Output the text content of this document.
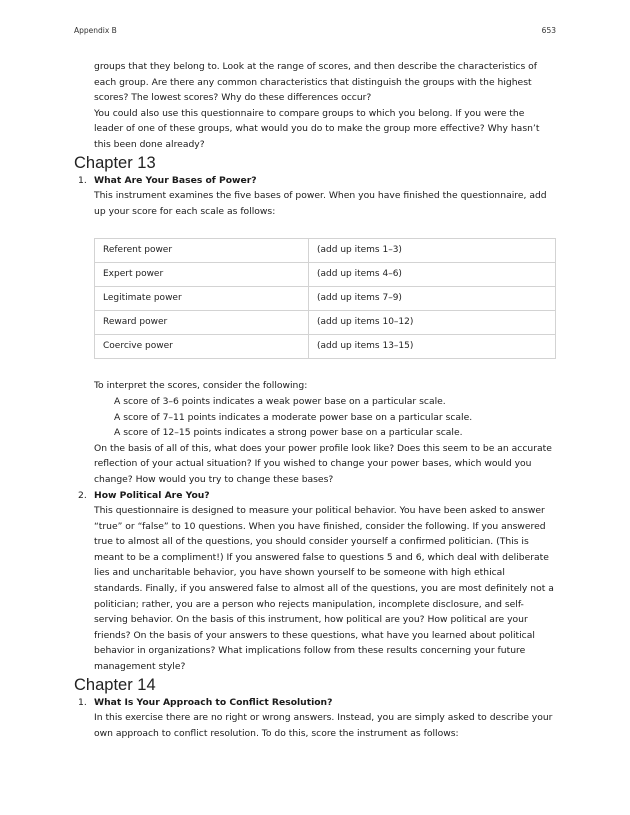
Appendix B	653

groups that they belong to. Look at the range of scores, and then describe the characteristics of each group. Are there any common characteristics that distinguish the groups with the highest scores? The lowest scores? Why do these differences occur?

You could also use this questionnaire to compare groups to which you belong. If you were the leader of one of these groups, what would you do to make the group more effective? Why hasn’t this been done already?

Chapter 13
1. What Are Your Bases of Power?

This instrument examines the five bases of power. When you have finished the questionnaire, add up your score for each scale as follows:

Referent power	(add up items 1–3)
Expert power	(add up items 4–6)
Legitimate power	(add up items 7–9)
Reward power	(add up items 10–12)
Coercive power	(add up items 13–15)

To interpret the scores, consider the following:

A score of 3–6 points indicates a weak power base on a particular scale.

A score of 7–11 points indicates a moderate power base on a particular scale.

A score of 12–15 points indicates a strong power base on a particular scale.

On the basis of all of this, what does your power profile look like? Does this seem to be an accurate reflection of your actual situation? If you wished to change your power bases, which would you change? How would you try to change these bases?

2. How Political Are You?

This questionnaire is designed to measure your political behavior. You have been asked to answer “true” or “false” to 10 questions. When you have finished, consider the following. If you answered true to almost all of the questions, you should consider yourself a confirmed politician. (This is meant to be a compliment!) If you answered false to questions 5 and 6, which deal with deliberate lies and uncharitable behavior, you have shown yourself to be someone with high ethical standards. Finally, if you answered false to almost all of the questions, you are most definitely not a politician; rather, you are a person who rejects manipulation, incomplete disclosure, and self-serving behavior. On the basis of this instrument, how political are you? How political are your friends? On the basis of your answers to these questions, what have you learned about political behavior in organizations? What implications follow from these results concerning your future management style?

Chapter 14
1. What Is Your Approach to Conflict Resolution?

In this exercise there are no right or wrong answers. Instead, you are simply asked to describe your own approach to conflict resolution. To do this, score the instrument as follows:
